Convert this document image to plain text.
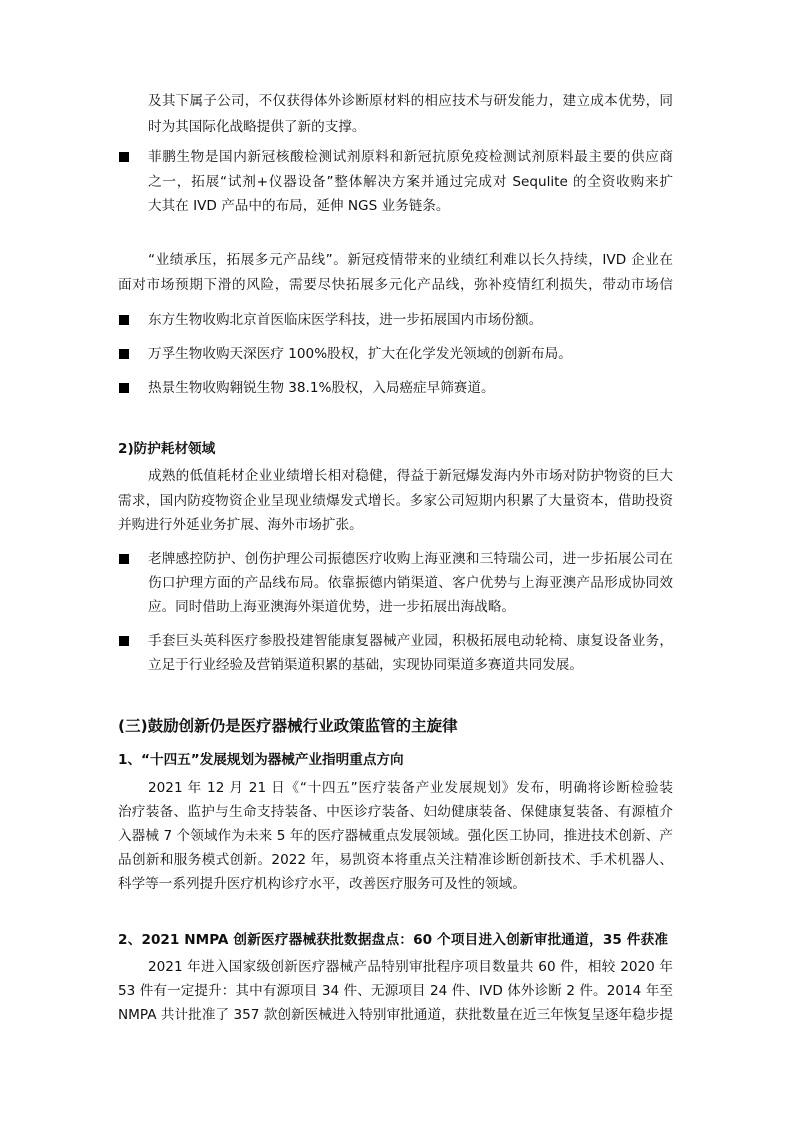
及其下属子公司，不仅获得体外诊断原材料的相应技术与研发能力，建立成本优势，同
时为其国际化战略提供了新的支撑。
菲鹏生物是国内新冠核酸检测试剂原料和新冠抗原免疫检测试剂原料最主要的供应商
之一，拓展“试剂+仪器设备”整体解决方案并通过完成对 Sequlite 的全资收购来扩
大其在 IVD 产品中的布局，延伸 NGS 业务链条。
“业绩承压，拓展多元产品线”。新冠疫情带来的业绩红利难以长久持续，IVD 企业在
面对市场预期下滑的风险，需要尽快拓展多元化产品线，弥补疫情红利损失，带动市场信
东方生物收购北京首医临床医学科技，进一步拓展国内市场份额。
万孚生物收购天深医疗 100%股权，扩大在化学发光领域的创新布局。
热景生物收购翱锐生物 38.1%股权，入局癌症早筛赛道。
2)防护耗材领域
成熟的低值耗材企业业绩增长相对稳健，得益于新冠爆发海内外市场对防护物资的巨大
需求，国内防疫物资企业呈现业绩爆发式增长。多家公司短期内积累了大量资本，借助投资
并购进行外延业务扩展、海外市场扩张。
老牌感控防护、创伤护理公司振德医疗收购上海亚澳和三特瑞公司，进一步拓展公司在
伤口护理方面的产品线布局。依靠振德内销渠道、客户优势与上海亚澳产品形成协同效
应。同时借助上海亚澳海外渠道优势，进一步拓展出海战略。
手套巨头英科医疗参股投建智能康复器械产业园，积极拓展电动轮椅、康复设备业务，
立足于行业经验及营销渠道积累的基础，实现协同渠道多赛道共同发展。
(三)鼓励创新仍是医疗器械行业政策监管的主旋律
1、“十四五”发展规划为器械产业指明重点方向
2021 年 12 月 21 日《“十四五”医疗装备产业发展规划》发布，明确将诊断检验装
治疗装备、监护与生命支持装备、中医诊疗装备、妇幼健康装备、保健康复装备、有源植介
入器械 7 个领域作为未来 5 年的医疗器械重点发展领域。强化医工协同，推进技术创新、产
品创新和服务模式创新。2022 年，易凯资本将重点关注精准诊断创新技术、手术机器人、
科学等一系列提升医疗机构诊疗水平，改善医疗服务可及性的领域。
2、2021 NMPA 创新医疗器械获批数据盘点：60 个项目进入创新审批通道，35 件获准
2021 年进入国家级创新医疗器械产品特别审批程序项目数量共 60 件，相较 2020 年
53 件有一定提升：其中有源项目 34 件、无源项目 24 件、IVD 体外诊断 2 件。2014 年至
NMPA 共计批准了 357 款创新医械进入特别审批通道，获批数量在近三年恢复呈逐年稳步提
